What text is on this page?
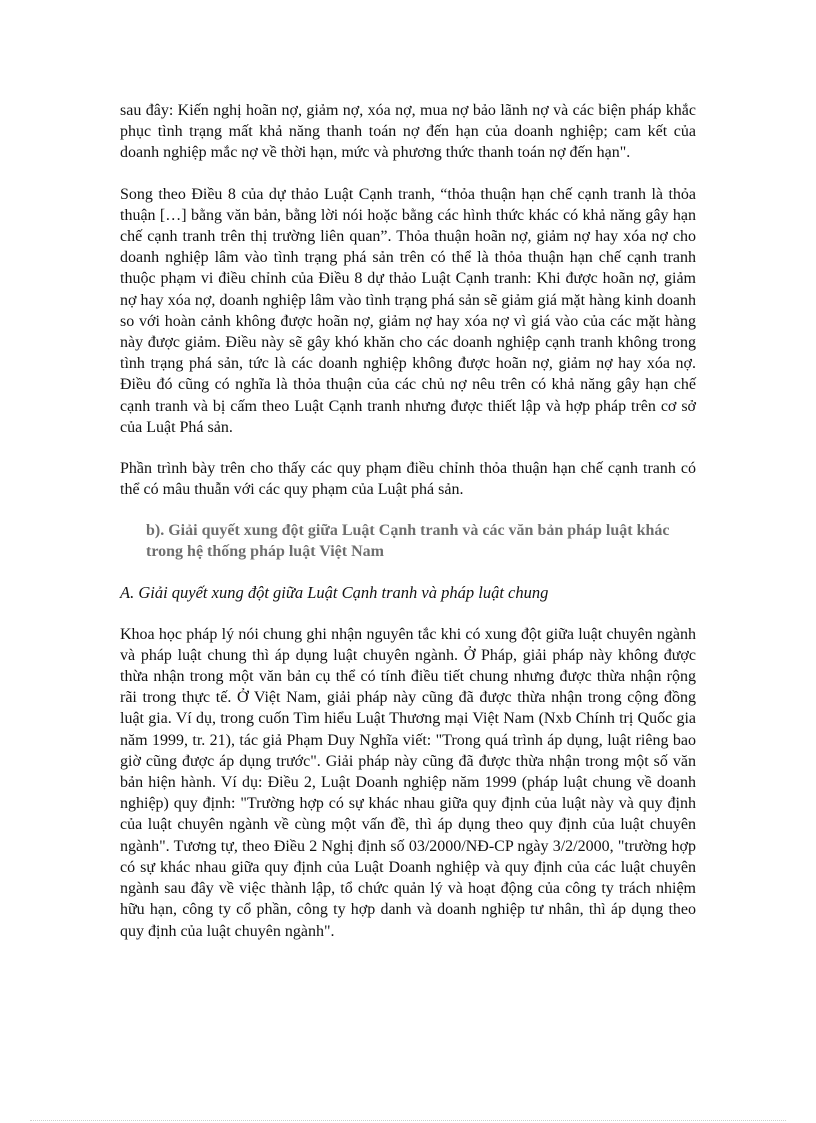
sau đây: Kiến nghị hoãn nợ, giảm nợ, xóa nợ, mua nợ bảo lãnh nợ và các biện pháp khắc phục tình trạng mất khả năng thanh toán nợ đến hạn của doanh nghiệp; cam kết của doanh nghiệp mắc nợ về thời hạn, mức và phương thức thanh toán nợ đến hạn".

Song theo Điều 8 của dự thảo Luật Cạnh tranh, “thỏa thuận hạn chế cạnh tranh là thỏa thuận […] bằng văn bản, bằng lời nói hoặc bằng các hình thức khác có khả năng gây hạn chế cạnh tranh trên thị trường liên quan”. Thỏa thuận hoãn nợ, giảm nợ hay xóa nợ cho doanh nghiệp lâm vào tình trạng phá sản trên có thể là thỏa thuận hạn chế cạnh tranh thuộc phạm vi điều chỉnh của Điều 8 dự thảo Luật Cạnh tranh: Khi được hoãn nợ, giảm nợ hay xóa nợ, doanh nghiệp lâm vào tình trạng phá sản sẽ giảm giá mặt hàng kinh doanh so với hoàn cảnh không được hoãn nợ, giảm nợ hay xóa nợ vì giá vào của các mặt hàng này được giảm. Điều này sẽ gây khó khăn cho các doanh nghiệp cạnh tranh không trong tình trạng phá sản, tức là các doanh nghiệp không được hoãn nợ, giảm nợ hay xóa nợ. Điều đó cũng có nghĩa là thỏa thuận của các chủ nợ nêu trên có khả năng gây hạn chế cạnh tranh và bị cấm theo Luật Cạnh tranh nhưng được thiết lập và hợp pháp trên cơ sở của Luật Phá sản.

Phần trình bày trên cho thấy các quy phạm điều chỉnh thỏa thuận hạn chế cạnh tranh có thể có mâu thuẫn với các quy phạm của Luật phá sản.

b). Giải quyết xung đột giữa Luật Cạnh tranh và các văn bản pháp luật khác trong hệ thống pháp luật Việt Nam

A. Giải quyết xung đột giữa Luật Cạnh tranh và pháp luật chung

Khoa học pháp lý nói chung ghi nhận nguyên tắc khi có xung đột giữa luật chuyên ngành và pháp luật chung thì áp dụng luật chuyên ngành. Ở Pháp, giải pháp này không được thừa nhận trong một văn bản cụ thể có tính điều tiết chung nhưng được thừa nhận rộng rãi trong thực tế. Ở Việt Nam, giải pháp này cũng đã được thừa nhận trong cộng đồng luật gia. Ví dụ, trong cuốn Tìm hiểu Luật Thương mại Việt Nam (Nxb Chính trị Quốc gia năm 1999, tr. 21), tác giả Phạm Duy Nghĩa viết: "Trong quá trình áp dụng, luật riêng bao giờ cũng được áp dụng trước". Giải pháp này cũng đã được thừa nhận trong một số văn bản hiện hành. Ví dụ: Điều 2, Luật Doanh nghiệp năm 1999 (pháp luật chung về doanh nghiệp) quy định: "Trường hợp có sự khác nhau giữa quy định của luật này và quy định của luật chuyên ngành về cùng một vấn đề, thì áp dụng theo quy định của luật chuyên ngành". Tương tự, theo Điều 2 Nghị định số 03/2000/NĐ-CP ngày 3/2/2000, "trường hợp có sự khác nhau giữa quy định của Luật Doanh nghiệp và quy định của các luật chuyên ngành sau đây về việc thành lập, tổ chức quản lý và hoạt động của công ty trách nhiệm hữu hạn, công ty cổ phần, công ty hợp danh và doanh nghiệp tư nhân, thì áp dụng theo quy định của luật chuyên ngành".
